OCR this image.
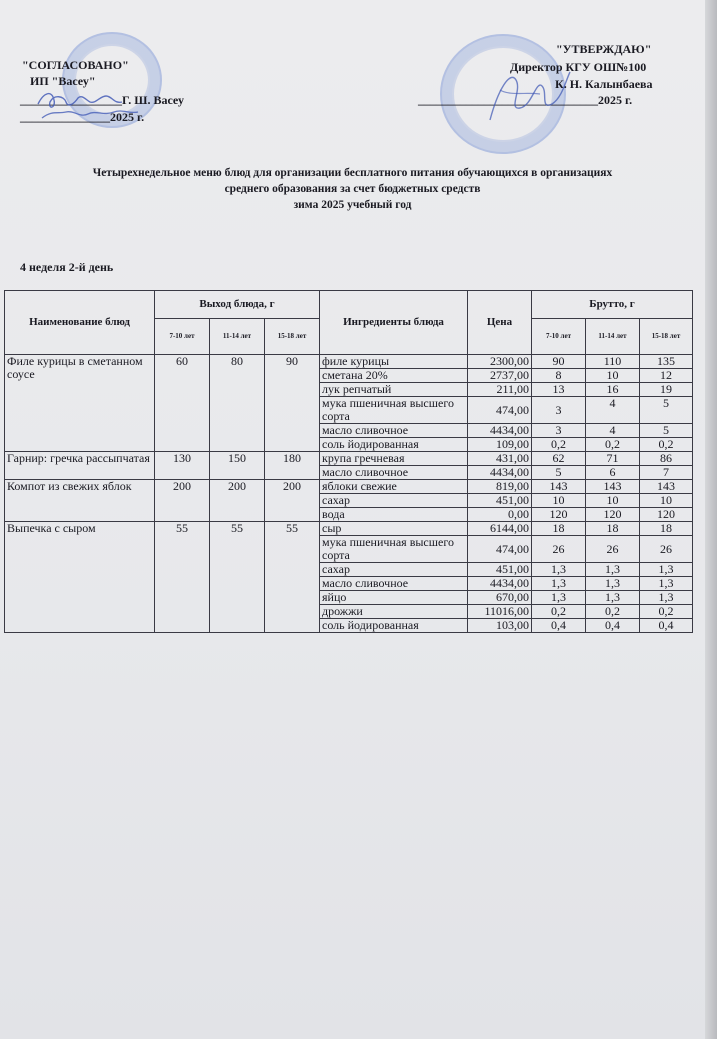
"СОГЛАСОВАНО"
ИП "Васеу"
_________________Г. Ш. Васеу
_______________2025 г.
"УТВЕРЖДАЮ"
Директор КГУ ОШ№100
К. Н. Калынбаева
______________________________2025 г.
Четырехнедельное меню блюд для организации бесплатного питания обучающихся в организациях
среднего образования за счет бюджетных средств
зима 2025 учебный год
4 неделя 2-й день
Наименование блюд	Выход блюда, г			Ингредиенты блюда	Цена	Брутто, г		
	7-10 лет	11-14 лет	15-18 лет			7-10 лет	11-14 лет	15-18 лет
Филе курицы в сметанном соусе	60	80	90	филе курицы	2300,00	90	110	135
				сметана 20%	2737,00	8	10	12
				лук репчатый	211,00	13	16	19
				мука пшеничная высшего сорта	474,00	3	4	5
				масло сливочное	4434,00	3	4	5
				соль йодированная	109,00	0,2	0,2	0,2
Гарнир: гречка рассыпчатая	130	150	180	крупа гречневая	431,00	62	71	86
				масло сливочное	4434,00	5	6	7
Компот из свежих яблок	200	200	200	яблоки свежие	819,00	143	143	143
				сахар	451,00	10	10	10
				вода	0,00	120	120	120
Выпечка с сыром	55	55	55	сыр	6144,00	18	18	18
				мука пшеничная высшего сорта	474,00	26	26	26
				сахар	451,00	1,3	1,3	1,3
				масло сливочное	4434,00	1,3	1,3	1,3
				яйцо	670,00	1,3	1,3	1,3
				дрожжи	11016,00	0,2	0,2	0,2
				соль йодированная	103,00	0,4	0,4	0,4
